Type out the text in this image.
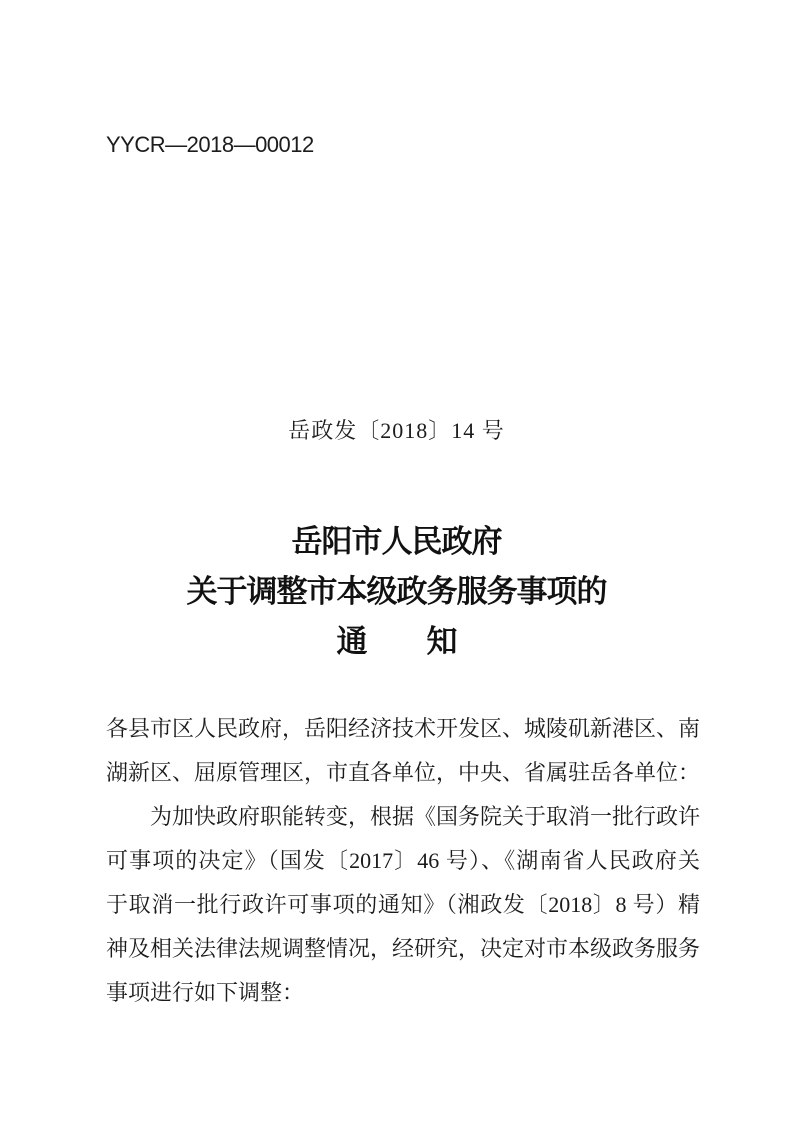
YYCR—2018—00012
岳政发〔2018〕14 号
岳阳市人民政府
关于调整市本级政务服务事项的
通　　知
各县市区人民政府，岳阳经济技术开发区、城陵矶新港区、南
湖新区、屈原管理区，市直各单位，中央、省属驻岳各单位：
为加快政府职能转变，根据《国务院关于取消一批行政许
可事项的决定》（国发〔2017〕46 号）、《湖南省人民政府关
于取消一批行政许可事项的通知》（湘政发〔2018〕8 号）精
神及相关法律法规调整情况，经研究，决定对市本级政务服务
事项进行如下调整：
